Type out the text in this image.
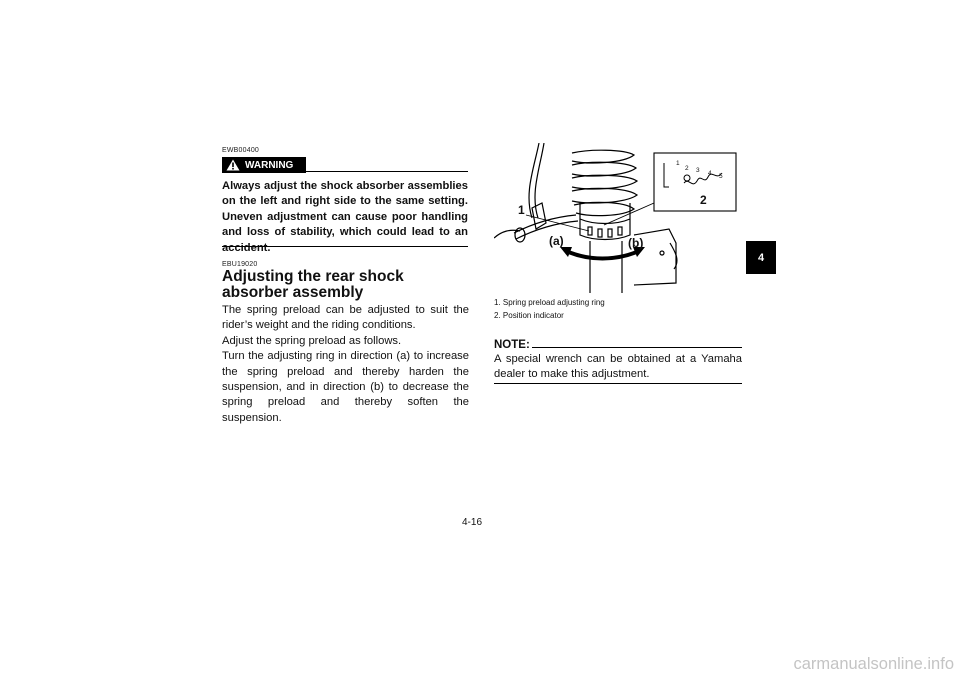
EWB00400
WARNING
Always adjust the shock absorber assemblies on the left and right side to the same setting. Uneven adjustment can cause poor handling and loss of stability, which could lead to an accident.
EBU19020
Adjusting the rear shock absorber assembly

The spring preload can be adjusted to suit the rider’s weight and the riding conditions.

Adjust the spring preload as follows.

Turn the adjusting ring in direction (a) to increase the spring preload and thereby harden the suspension, and in direction (b) to decrease the spring preload and thereby soften the suspension.

1
2
(a)	(b)
1
2 3 4 5
1. Spring preload adjusting ring
2. Position indicator
NOTE:
A special wrench can be obtained at a Yamaha dealer to make this adjustment.
4
4-16
carmanualsonline.info
